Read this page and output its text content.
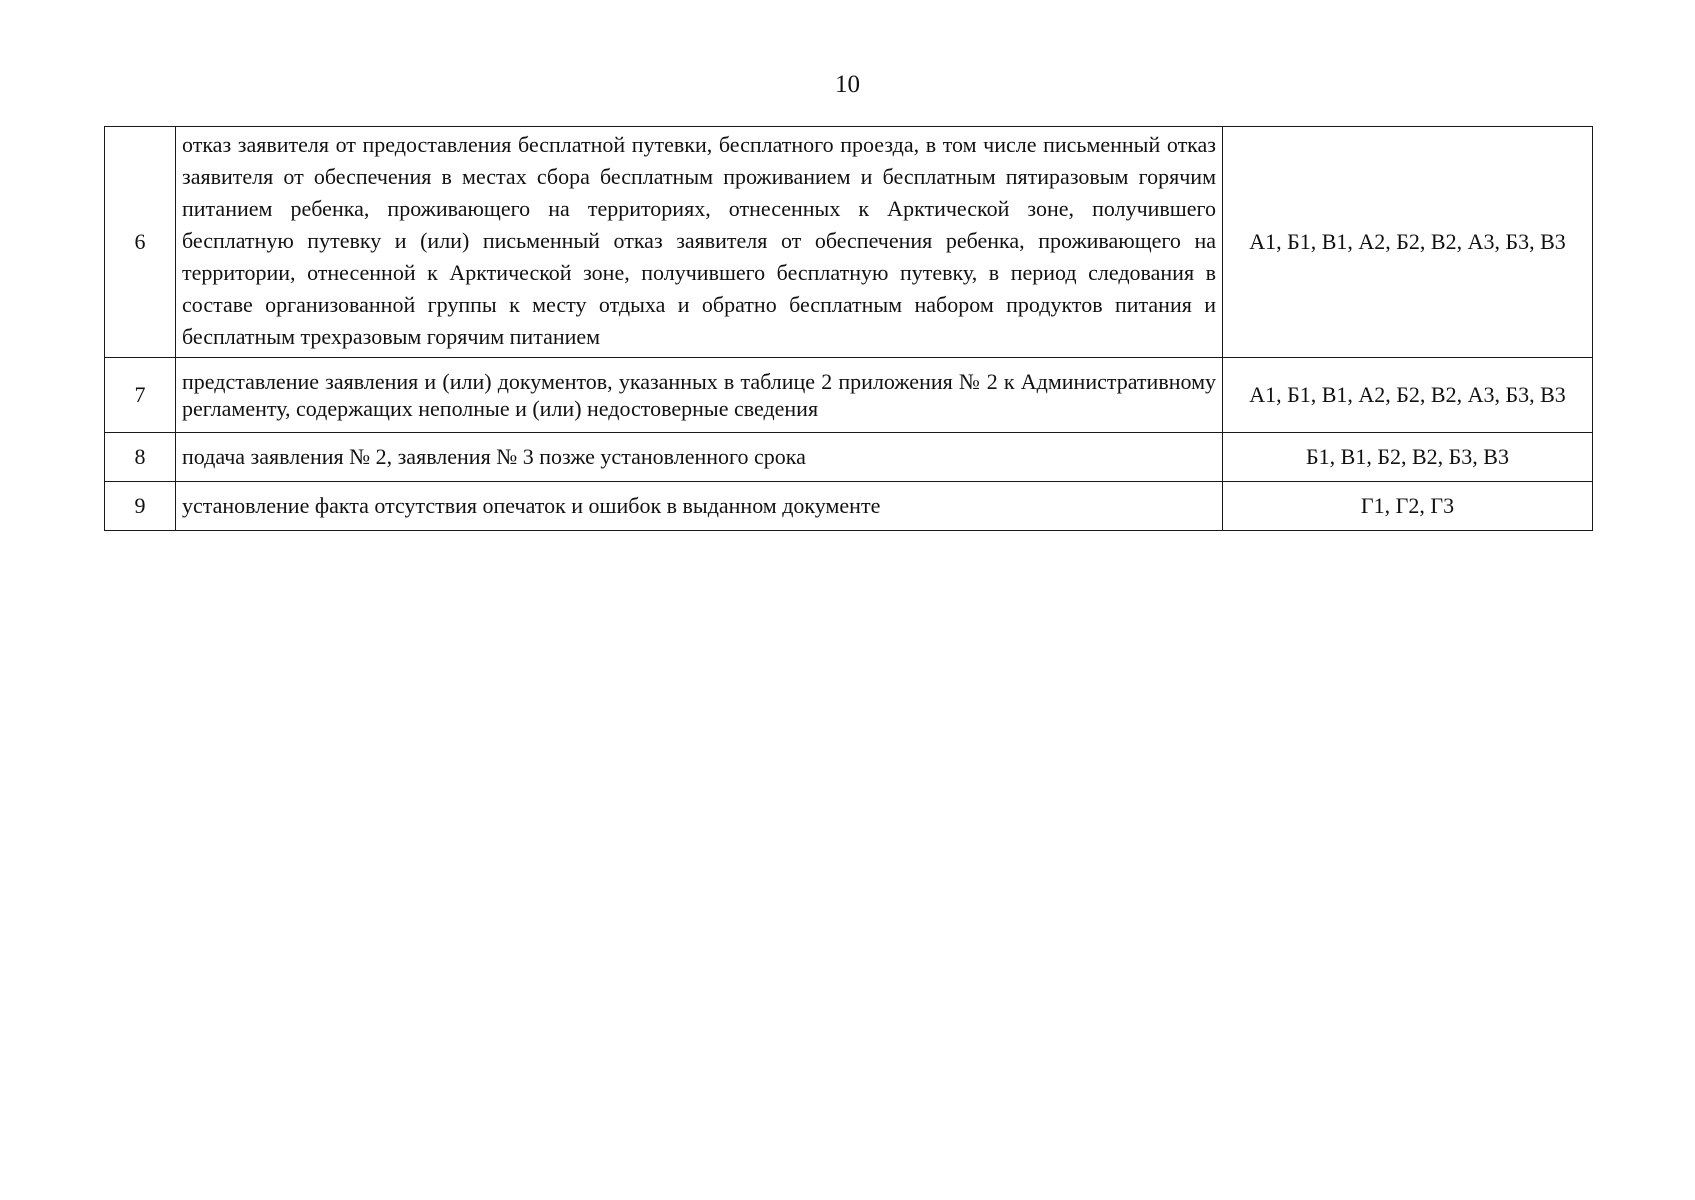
10
6	отказ заявителя от предоставления бесплатной путевки, бесплатного проезда, в том числе письменный отказ заявителя от обеспечения в местах сбора бесплатным проживанием и бесплатным пятиразовым горячим питанием ребенка, проживающего на территориях, отнесенных к Арктической зоне, получившего бесплатную путевку и (или) письменный отказ заявителя от обеспечения ребенка, проживающего на территории, отнесенной к Арктической зоне, получившего бесплатную путевку, в период следования в составе организованной группы к месту отдыха и обратно бесплатным набором продуктов питания и бесплатным трехразовым горячим питанием	А1, Б1, В1, А2, Б2, В2, А3, Б3, В3
7	представление заявления и (или) документов, указанных в таблице 2 приложения № 2 к Административному регламенту, содержащих неполные и (или) недостоверные сведения	А1, Б1, В1, А2, Б2, В2, А3, Б3, В3
8	подача заявления № 2, заявления № 3 позже установленного срока	Б1, В1, Б2, В2, Б3, В3
9	установление факта отсутствия опечаток и ошибок в выданном документе	Г1, Г2, Г3
